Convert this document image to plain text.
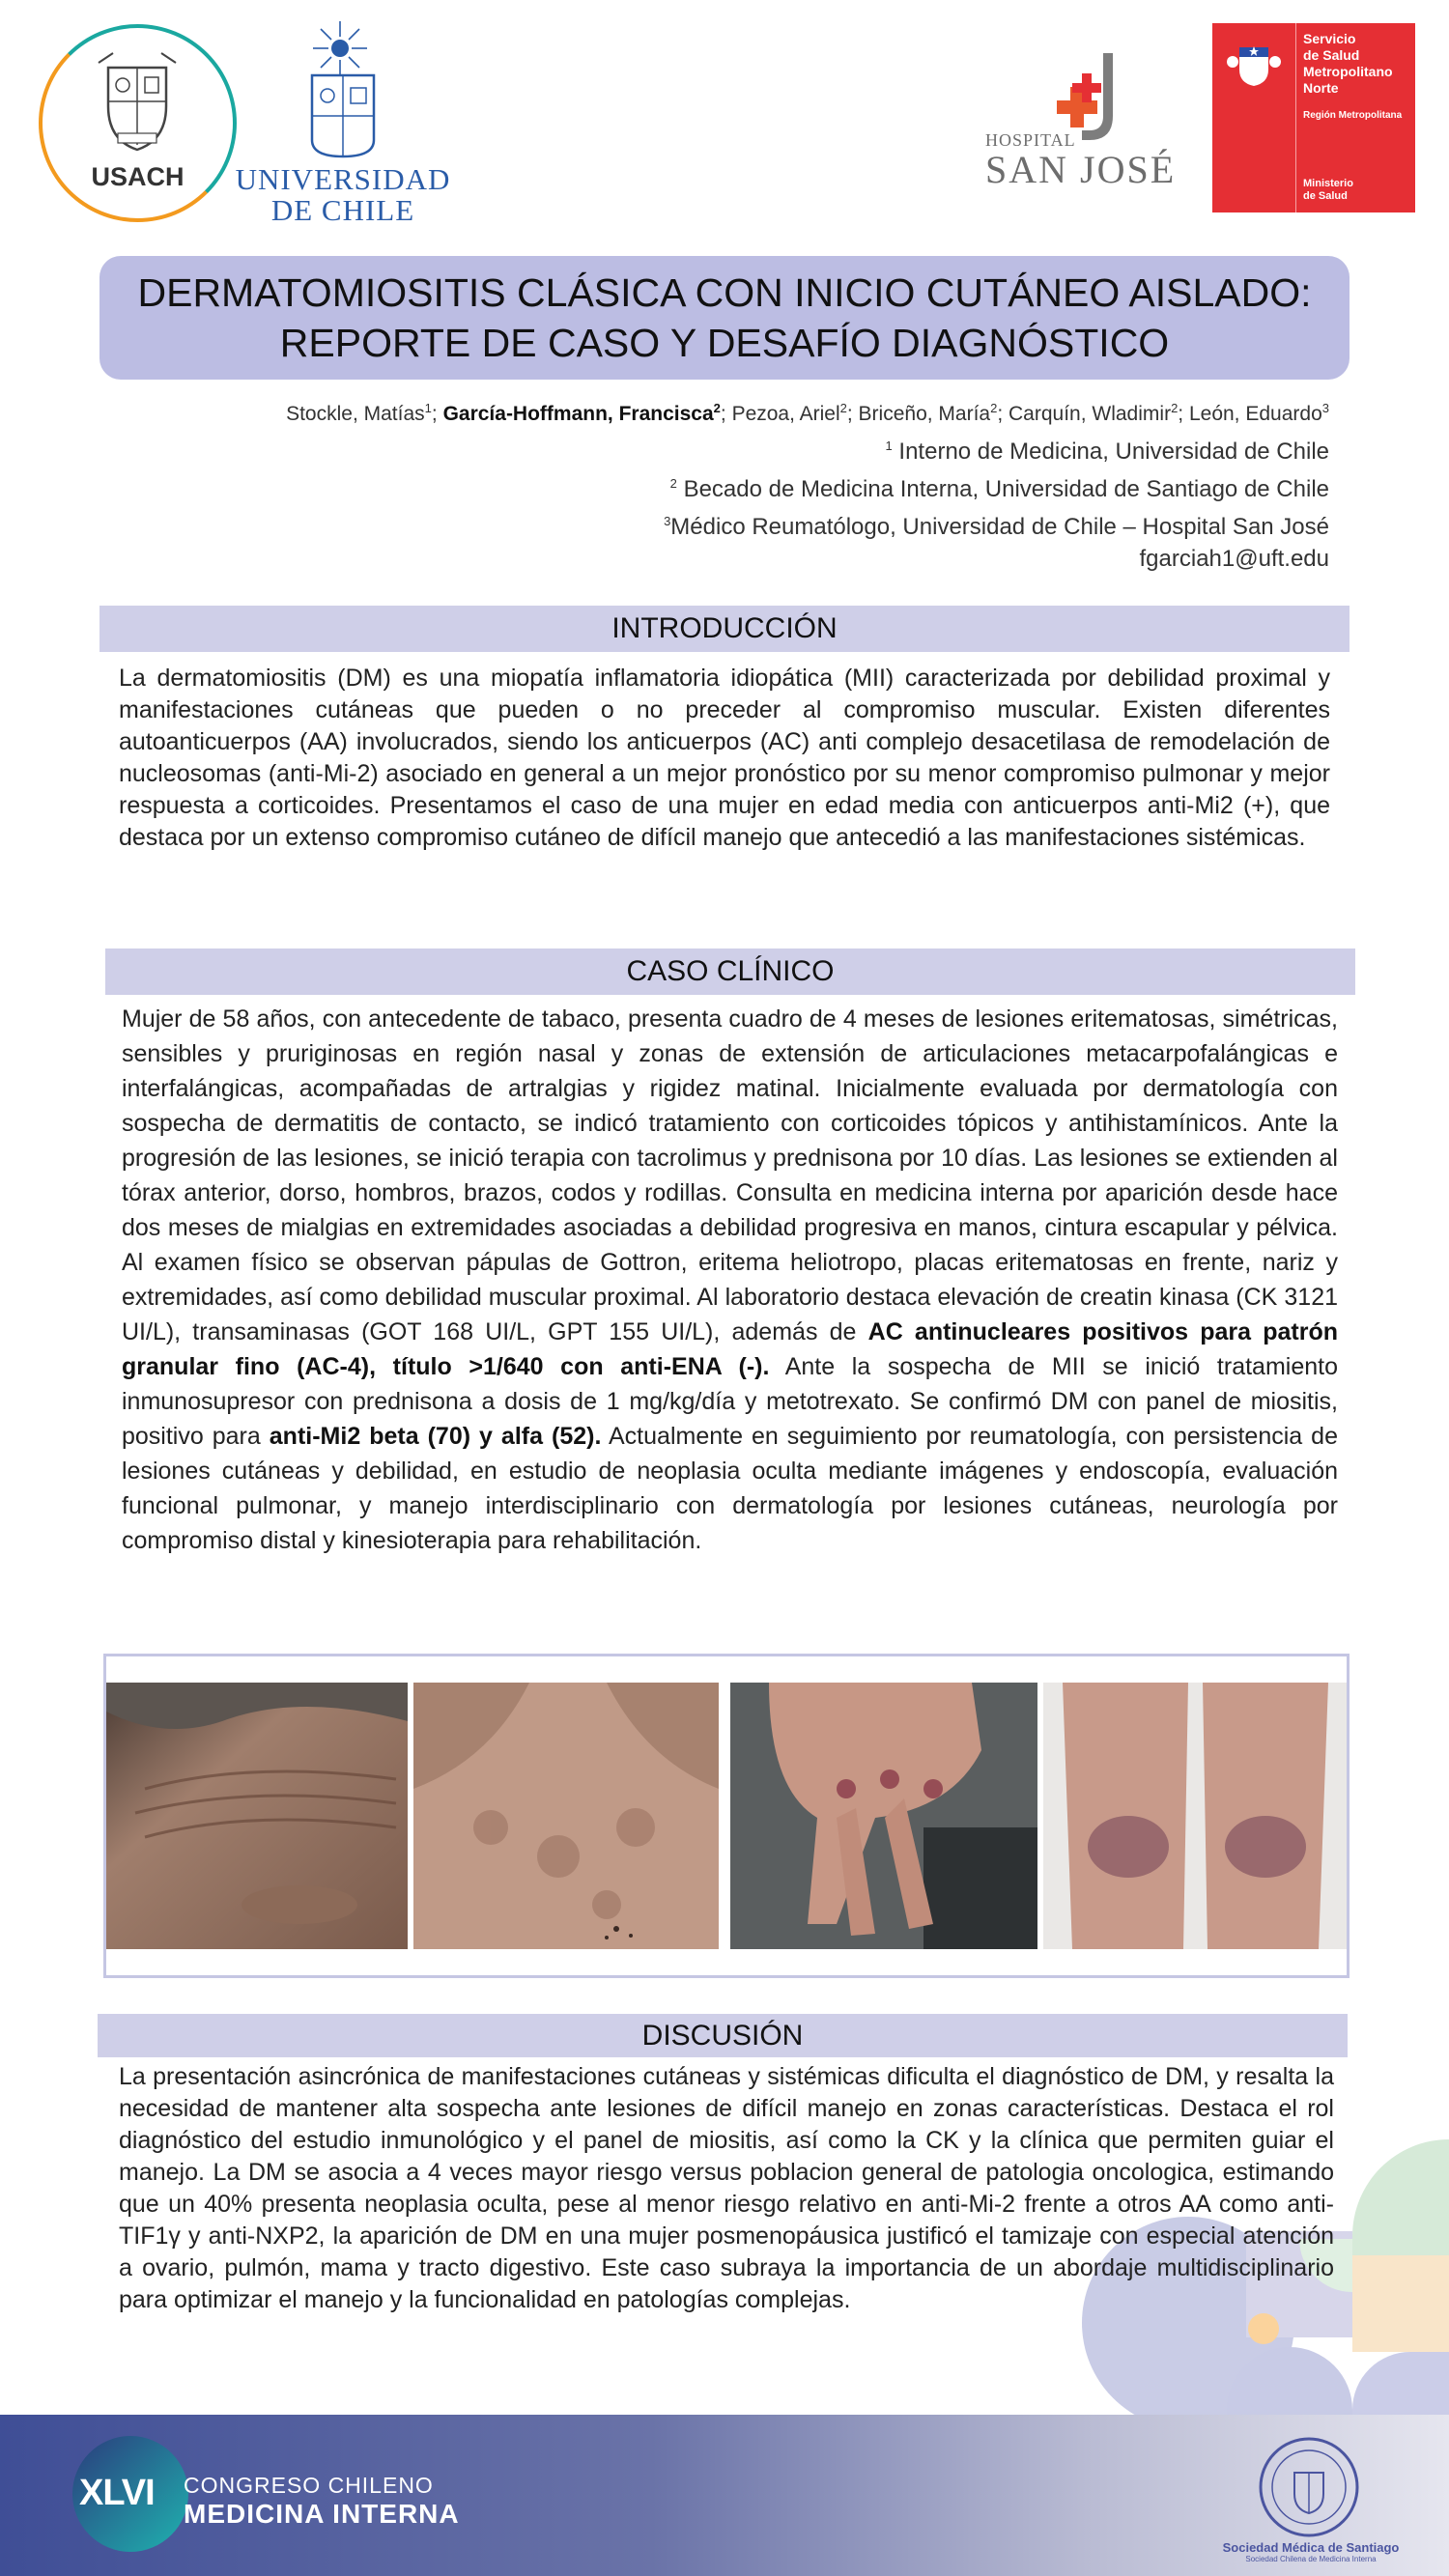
USACH	UNIVERSIDAD
DE CHILE
HOSPITAL
SAN JOSÉ
Servicio
de Salud
Metropolitano
Norte
Región Metropolitana
Ministerio
de Salud
DERMATOMIOSITIS CLÁSICA CON INICIO CUTÁNEO AISLADO:
REPORTE DE CASO Y DESAFÍO DIAGNÓSTICO
Stockle, Matías$^1$; García-Hoffmann, Francisca$^2$; Pezoa, Ariel$^2$; Briceño, María$^2$; Carquín, Wladimir$^2$; León, Eduardo$^3$
$^1$ Interno de Medicina, Universidad de Chile
$^2$ Becado de Medicina Interna, Universidad de Santiago de Chile
$^3$Médico Reumatólogo, Universidad de Chile – Hospital San José
fgarciah1@uft.edu
INTRODUCCIÓN
La dermatomiositis (DM) es una miopatía inflamatoria idiopática (MII) caracterizada por debilidad proximal y manifestaciones cutáneas que pueden o no preceder al compromiso muscular. Existen diferentes autoanticuerpos (AA) involucrados, siendo los anticuerpos (AC) anti complejo desacetilasa de remodelación de nucleosomas (anti-Mi-2) asociado en general a un mejor pronóstico por su menor compromiso pulmonar y mejor respuesta a corticoides. Presentamos el caso de una mujer en edad media con anticuerpos anti-Mi2 (+), que destaca por un extenso compromiso cutáneo de difícil manejo que antecedió a las manifestaciones sistémicas.
CASO CLÍNICO
Mujer de 58 años, con antecedente de tabaco, presenta cuadro de 4 meses de lesiones eritematosas, simétricas, sensibles y pruriginosas en región nasal y zonas de extensión de articulaciones metacarpofalángicas e interfalángicas, acompañadas de artralgias y rigidez matinal. Inicialmente evaluada por dermatología con sospecha de dermatitis de contacto, se indicó tratamiento con corticoides tópicos y antihistamínicos. Ante la progresión de las lesiones, se inició terapia con tacrolimus y prednisona por 10 días. Las lesiones se extienden al tórax anterior, dorso, hombros, brazos, codos y rodillas. Consulta en medicina interna por aparición desde hace dos meses de mialgias en extremidades asociadas a debilidad progresiva en manos, cintura escapular y pélvica. Al examen físico se observan pápulas de Gottron, eritema heliotropo, placas eritematosas en frente, nariz y extremidades, así como debilidad muscular proximal. Al laboratorio destaca elevación de creatin kinasa (CK 3121 UI/L), transaminasas (GOT 168 UI/L, GPT 155 UI/L), además de AC antinucleares positivos para patrón granular fino (AC-4), título >1/640 con anti-ENA (-). Ante la sospecha de MII se inició tratamiento inmunosupresor con prednisona a dosis de 1 mg/kg/día y metotrexato. Se confirmó DM con panel de miositis, positivo para anti-Mi2 beta (70) y alfa (52). Actualmente en seguimiento por reumatología, con persistencia de lesiones cutáneas y debilidad, en estudio de neoplasia oculta mediante imágenes y endoscopía, evaluación funcional pulmonar, y manejo interdisciplinario con dermatología por lesiones cutáneas, neurología por compromiso distal y kinesioterapia para rehabilitación.
DISCUSIÓN
La presentación asincrónica de manifestaciones cutáneas y sistémicas dificulta el diagnóstico de DM, y resalta la necesidad de mantener alta sospecha ante lesiones de difícil manejo en zonas características. Destaca el rol diagnóstico del estudio inmunológico y el panel de miositis, así como la CK y la clínica que permiten guiar el manejo. La DM se asocia a 4 veces mayor riesgo versus poblacion general de patologia oncologica, estimando que un 40% presenta neoplasia oculta, pese al menor riesgo relativo en anti-Mi-2 frente a otros AA como anti-TIF1γ y anti-NXP2, la aparición de DM en una mujer posmenopáusica justificó el tamizaje con especial atención a ovario, pulmón, mama y tracto digestivo. Este caso subraya la importancia de un abordaje multidisciplinario para optimizar el manejo y la funcionalidad en patologías complejas.
XLVI CONGRESO CHILENO
MEDICINA INTERNA
Sociedad Médica de Santiago
Sociedad Chilena de Medicina Interna
